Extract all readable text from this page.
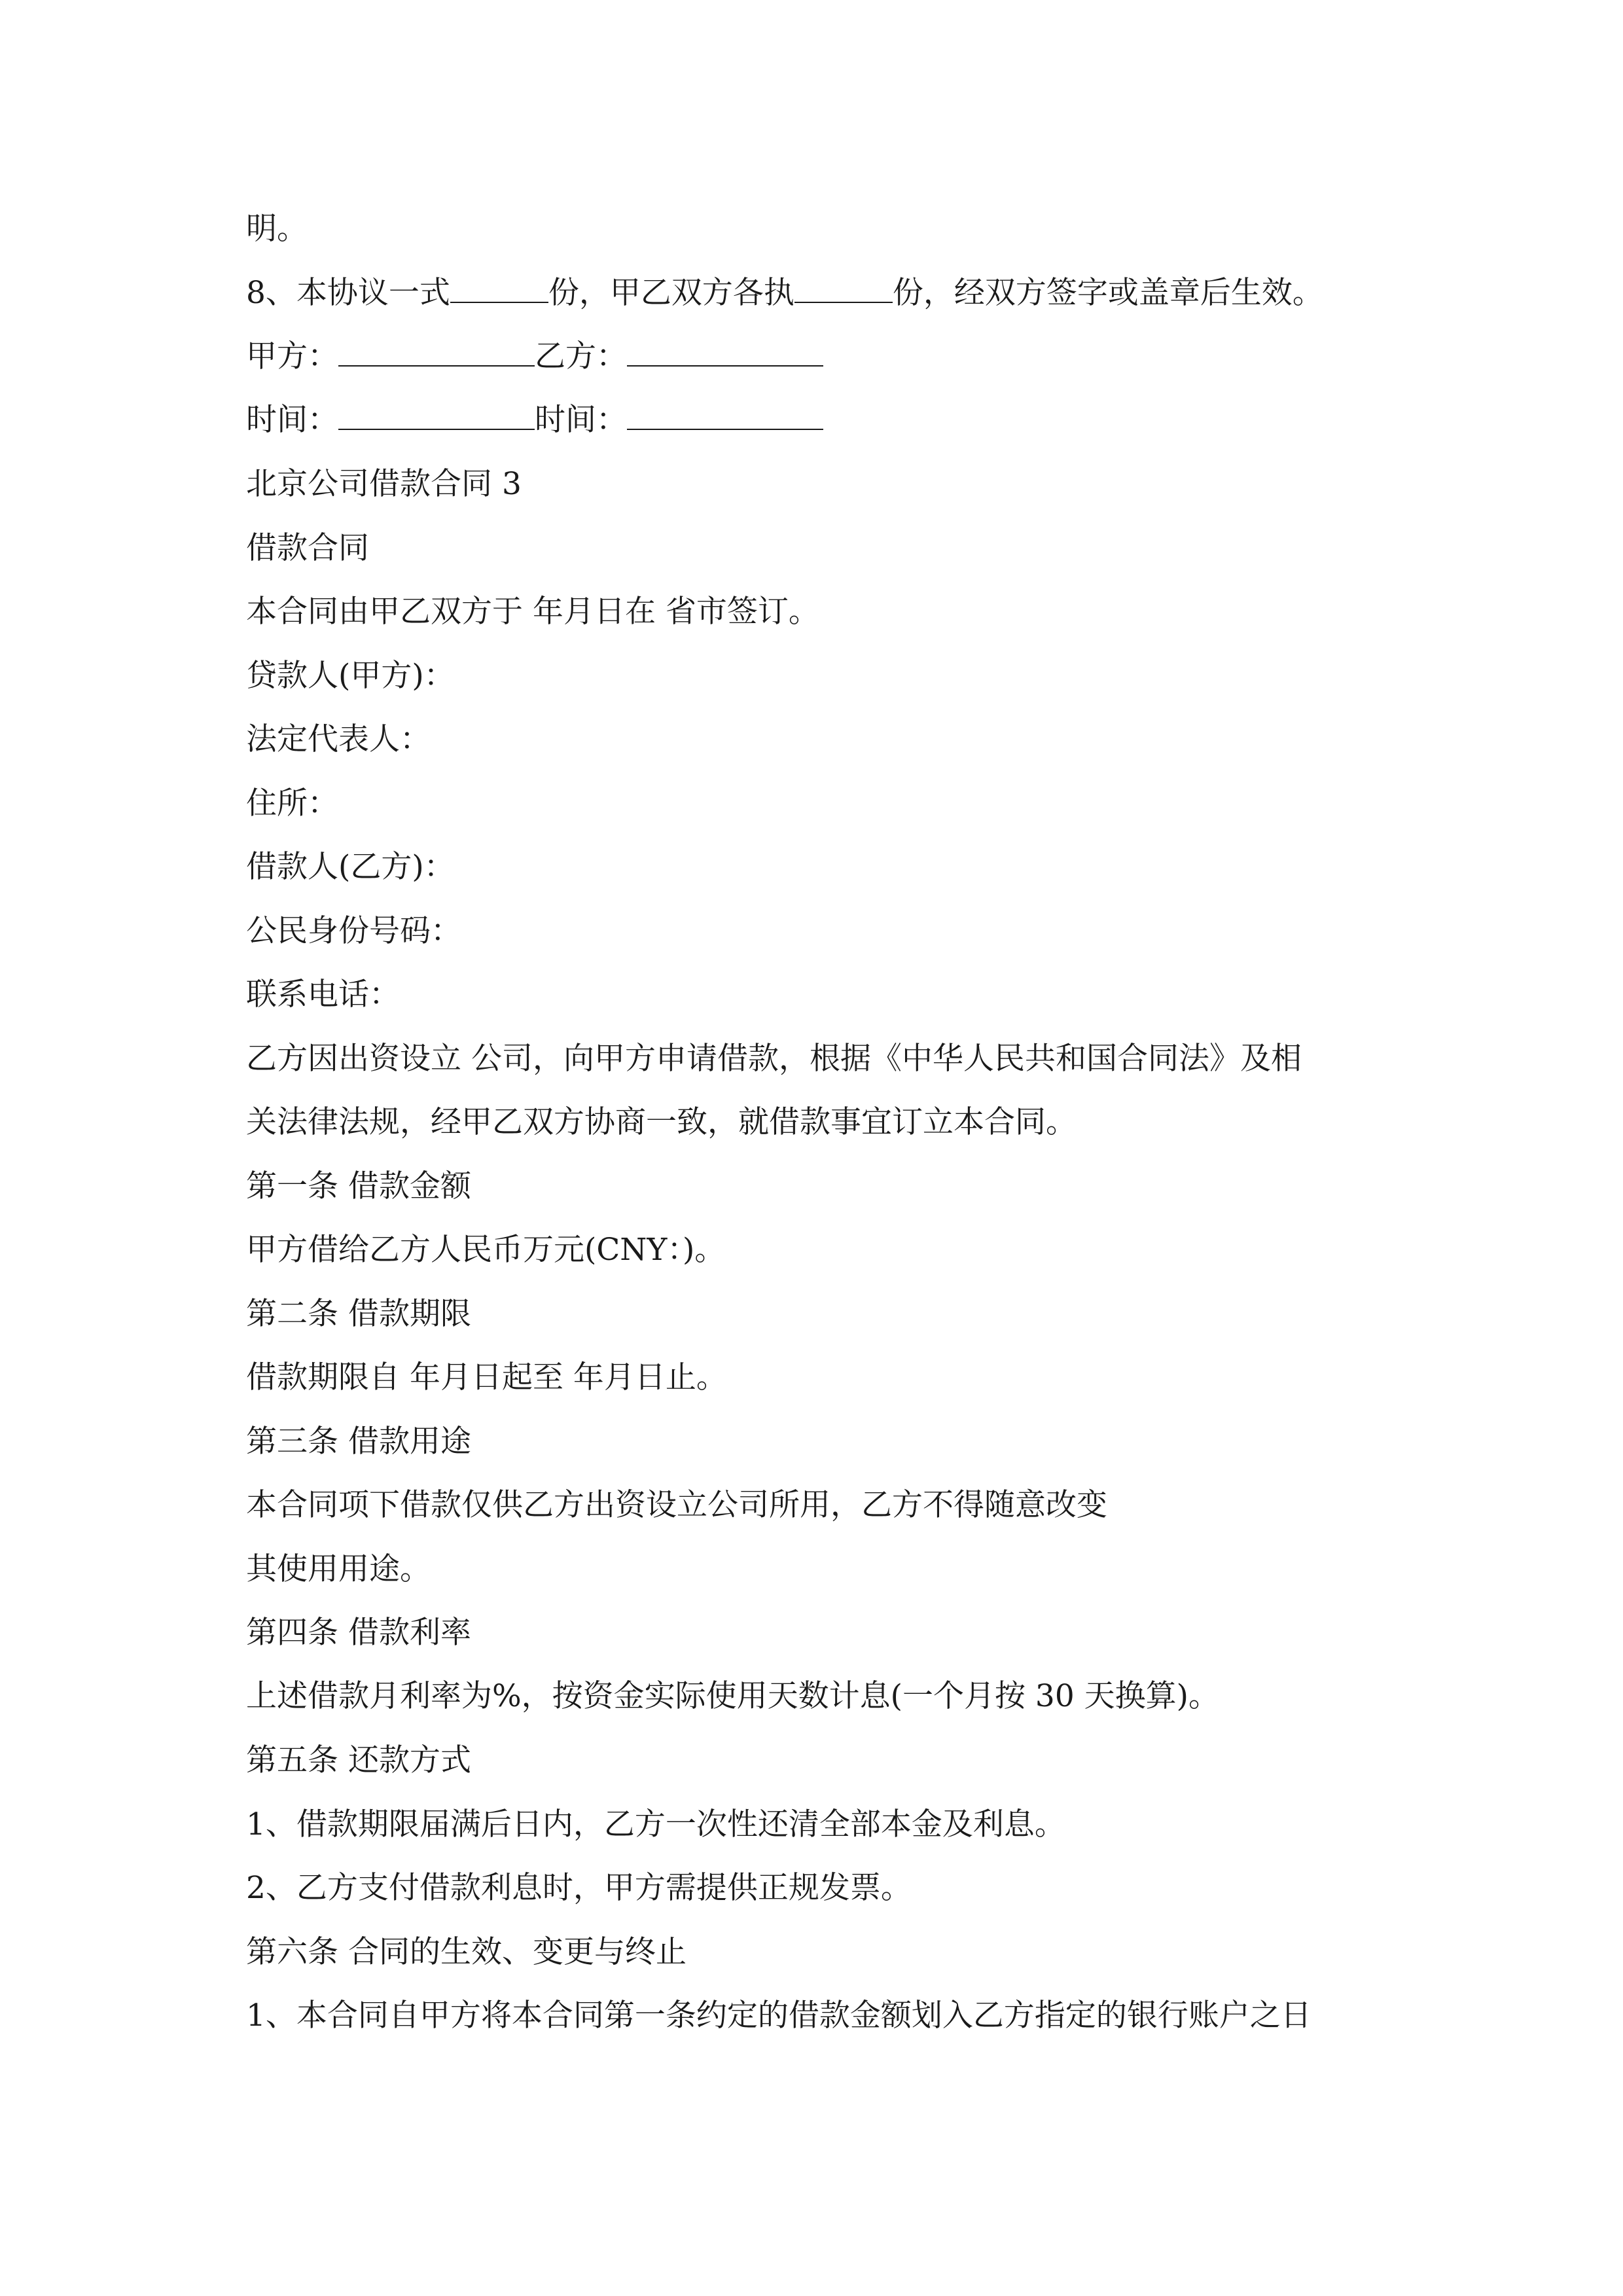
明。

8、本协议一式	份，甲乙双方各执	份，经双方签字或盖章后生效。

甲方：	乙方：

时间：	时间：

北京公司借款合同 3

借款合同

本合同由甲乙双方于 年月日在 省市签订。

贷款人(甲方)：

法定代表人：

住所：

借款人(乙方)：

公民身份号码：

联系电话：

乙方因出资设立 公司，向甲方申请借款，根据《中华人民共和国合同法》及相

关法律法规，经甲乙双方协商一致，就借款事宜订立本合同。

第一条 借款金额

甲方借给乙方人民币万元(CNY：)。

第二条 借款期限

借款期限自 年月日起至 年月日止。

第三条 借款用途

本合同项下借款仅供乙方出资设立公司所用，乙方不得随意改变

其使用用途。

第四条 借款利率

上述借款月利率为%，按资金实际使用天数计息(一个月按 30 天换算)。

第五条 还款方式

1、借款期限届满后日内，乙方一次性还清全部本金及利息。

2、乙方支付借款利息时，甲方需提供正规发票。

第六条 合同的生效、变更与终止

1、本合同自甲方将本合同第一条约定的借款金额划入乙方指定的银行账户之日
